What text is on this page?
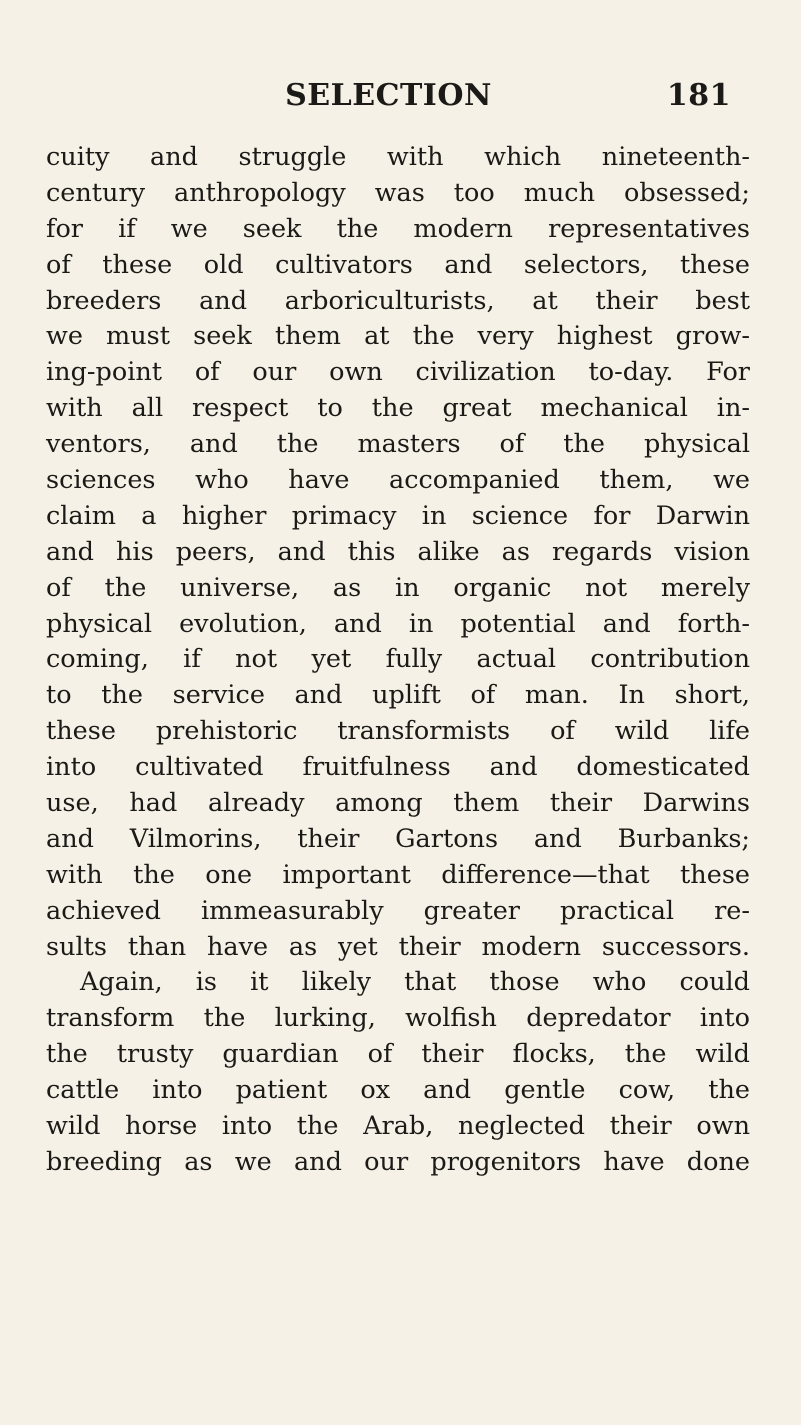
SELECTION	181
cuity and struggle with which nineteenth-
century anthropology was too much obsessed;
for if we seek the modern representatives
of these old cultivators and selectors, these
breeders and arboriculturists, at their best
we must seek them at the very highest grow-
ing-point of our own civilization to-day. For
with all respect to the great mechanical in-
ventors, and the masters of the physical
sciences who have accompanied them, we
claim a higher primacy in science for Darwin
and his peers, and this alike as regards vision
of the universe, as in organic not merely
physical evolution, and in potential and forth-
coming, if not yet fully actual contribution
to the service and uplift of man. In short,
these prehistoric transformists of wild life
into cultivated fruitfulness and domesticated
use, had already among them their Darwins
and Vilmorins, their Gartons and Burbanks;
with the one important difference—that these
achieved immeasurably greater practical re-
sults than have as yet their modern successors.
Again, is it likely that those who could
transform the lurking, wolfish depredator into
the trusty guardian of their flocks, the wild
cattle into patient ox and gentle cow, the
wild horse into the Arab, neglected their own
breeding as we and our progenitors have done
